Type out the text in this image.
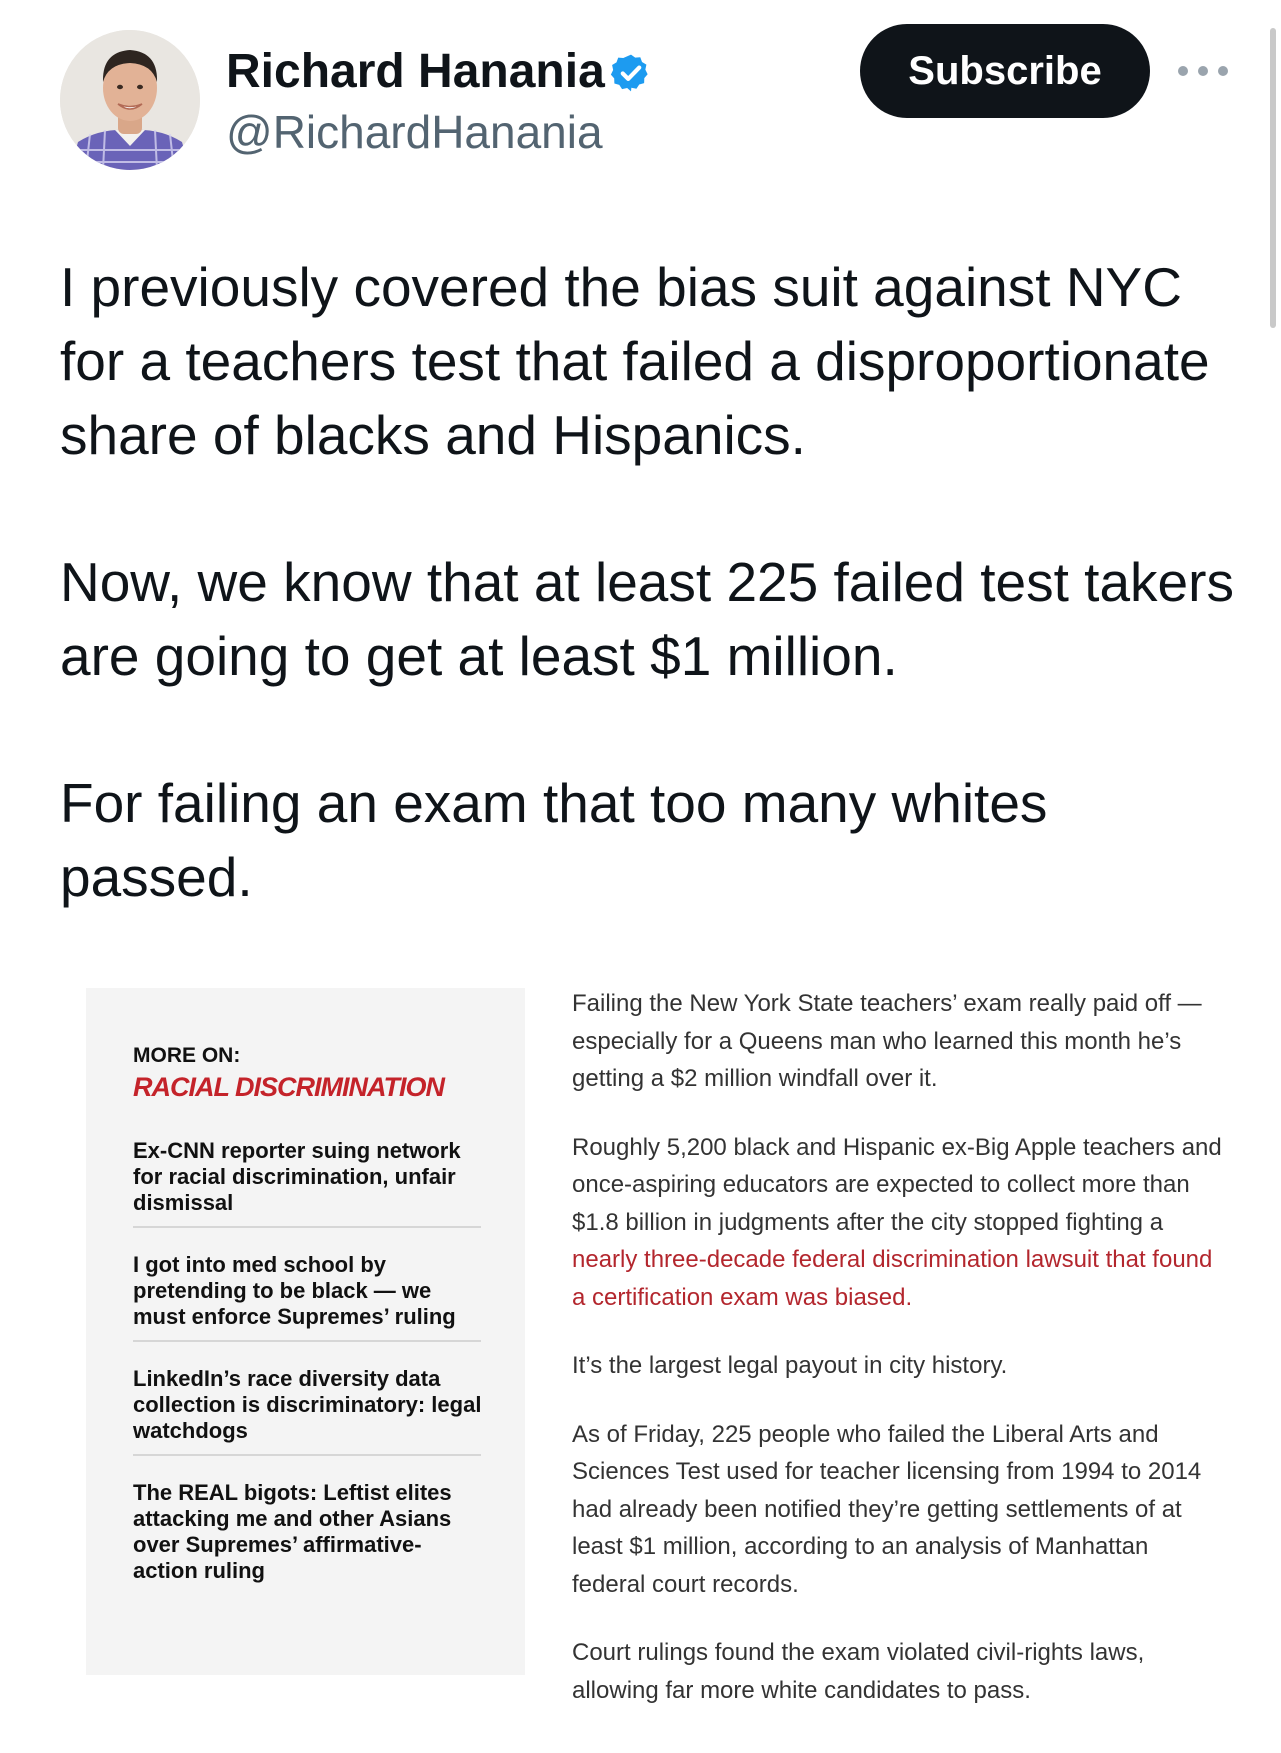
Richard Hanania
@RichardHanania
Subscribe

I previously covered the bias suit against NYC for a teachers test that failed a disproportionate share of blacks and Hispanics.

Now, we know that at least 225 failed test takers are going to get at least $1 million.

For failing an exam that too many whites passed.

MORE ON:
RACIAL DISCRIMINATION
Ex-CNN reporter suing network for racial discrimination, unfair dismissal
I got into med school by pretending to be black — we must enforce Supremes’ ruling
LinkedIn’s race diversity data collection is discriminatory: legal watchdogs
The REAL bigots: Leftist elites attacking me and other Asians over Supremes’ affirmative-action ruling

Failing the New York State teachers’ exam really paid off —
especially for a Queens man who learned this month he’s
getting a $2 million windfall over it.

Roughly 5,200 black and Hispanic ex-Big Apple teachers and
once-aspiring educators are expected to collect more than
$1.8 billion in judgments after the city stopped fighting a
nearly three-decade federal discrimination lawsuit that found
a certification exam was biased.

It’s the largest legal payout in city history.

As of Friday, 225 people who failed the Liberal Arts and
Sciences Test used for teacher licensing from 1994 to 2014
had already been notified they’re getting settlements of at
least $1 million, according to an analysis of Manhattan
federal court records.

Court rulings found the exam violated civil-rights laws,
allowing far more white candidates to pass.
